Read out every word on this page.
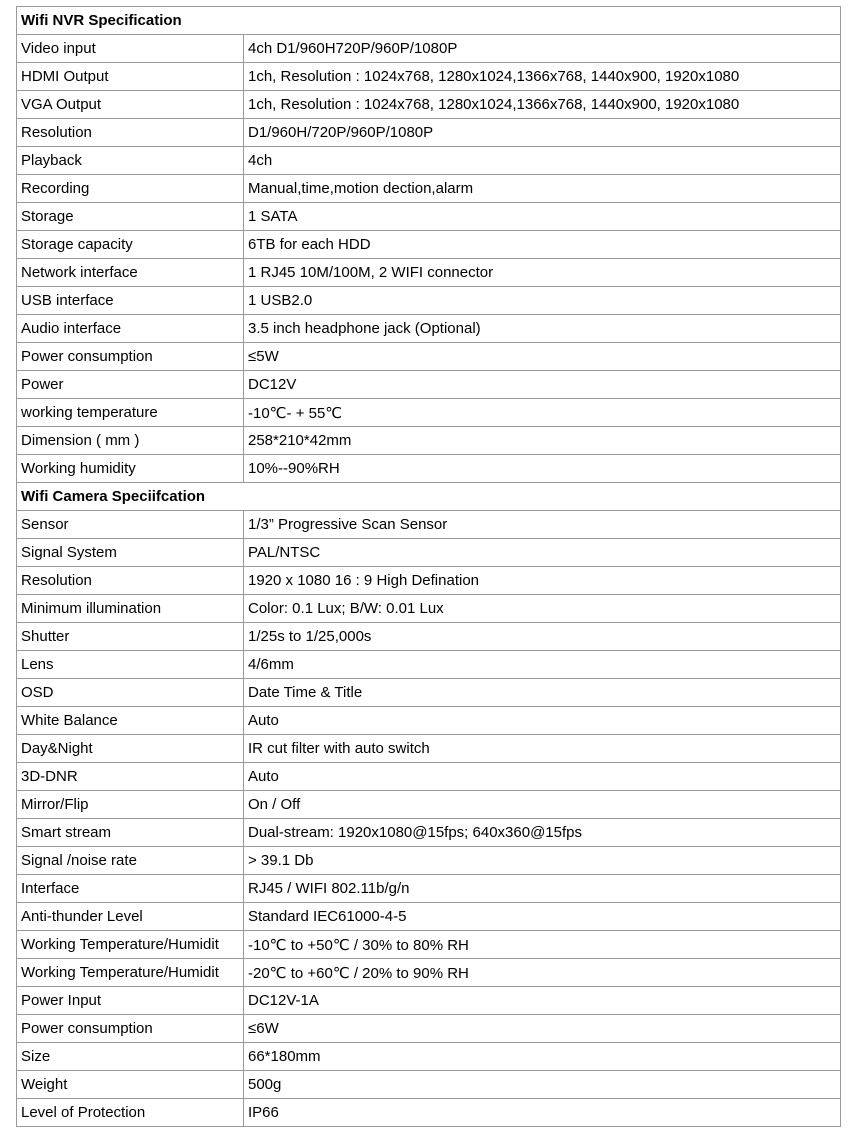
Wifi NVR Specification	
Video input	4ch D1/960H720P/960P/1080P
HDMI Output	1ch, Resolution : 1024x768, 1280x1024,1366x768, 1440x900, 1920x1080
VGA Output	1ch, Resolution : 1024x768, 1280x1024,1366x768, 1440x900, 1920x1080
Resolution	D1/960H/720P/960P/1080P
Playback	4ch
Recording	Manual,time,motion dection,alarm
Storage	1 SATA
Storage capacity	6TB for each HDD
Network interface	1 RJ45 10M/100M, 2 WIFI connector
USB interface	1 USB2.0
Audio interface	3.5 inch headphone jack (Optional)
Power consumption	≤5W
Power	DC12V
working temperature	-10℃- + 55℃
Dimension ( mm )	258*210*42mm
Working humidity	10%--90%RH
Wifi Camera Speciifcation	
Sensor	1/3” Progressive Scan Sensor
Signal System	PAL/NTSC
Resolution	1920 x 1080 16 : 9 High Defination
Minimum illumination	Color: 0.1 Lux; B/W: 0.01 Lux
Shutter	1/25s to 1/25,000s
Lens	4/6mm
OSD	Date Time & Title
White Balance	Auto
Day&Night	IR cut filter with auto switch
3D-DNR	Auto
Mirror/Flip	On / Off
Smart stream	Dual-stream: 1920x1080@15fps; 640x360@15fps
Signal /noise rate	> 39.1 Db
Interface	RJ45 / WIFI 802.11b/g/n
Anti-thunder Level	Standard IEC61000-4-5
Working Temperature/Humidit	-10℃ to +50℃ / 30% to 80% RH
Working Temperature/Humidit	-20℃ to +60℃ / 20% to 90% RH
Power Input	DC12V-1A
Power consumption	≤6W
Size	66*180mm
Weight	500g
Level of Protection	IP66
